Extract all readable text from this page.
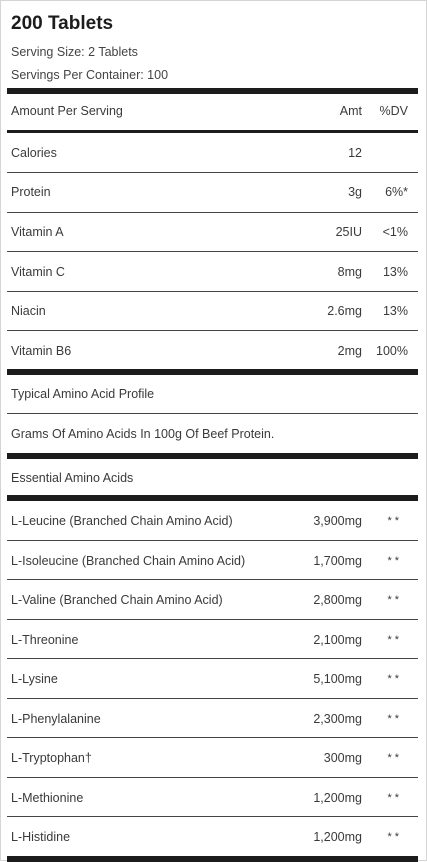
200 Tablets
Serving Size: 2 Tablets
Servings Per Container: 100
Amount Per Serving	Amt	%DV
Calories	12
Protein	3g	6%*
Vitamin A	25IU	<1%
Vitamin C	8mg	13%
Niacin	2.6mg	13%
Vitamin B6	2mg	100%
Typical Amino Acid Profile
Grams Of Amino Acids In 100g Of Beef Protein.
Essential Amino Acids
L-Leucine (Branched Chain Amino Acid)	3,900mg	**
L-Isoleucine (Branched Chain Amino Acid)	1,700mg	**
L-Valine (Branched Chain Amino Acid)	2,800mg	**
L-Threonine	2,100mg	**
L-Lysine	5,100mg	**
L-Phenylalanine	2,300mg	**
L-Tryptophan†	300mg	**
L-Methionine	1,200mg	**
L-Histidine	1,200mg	**
